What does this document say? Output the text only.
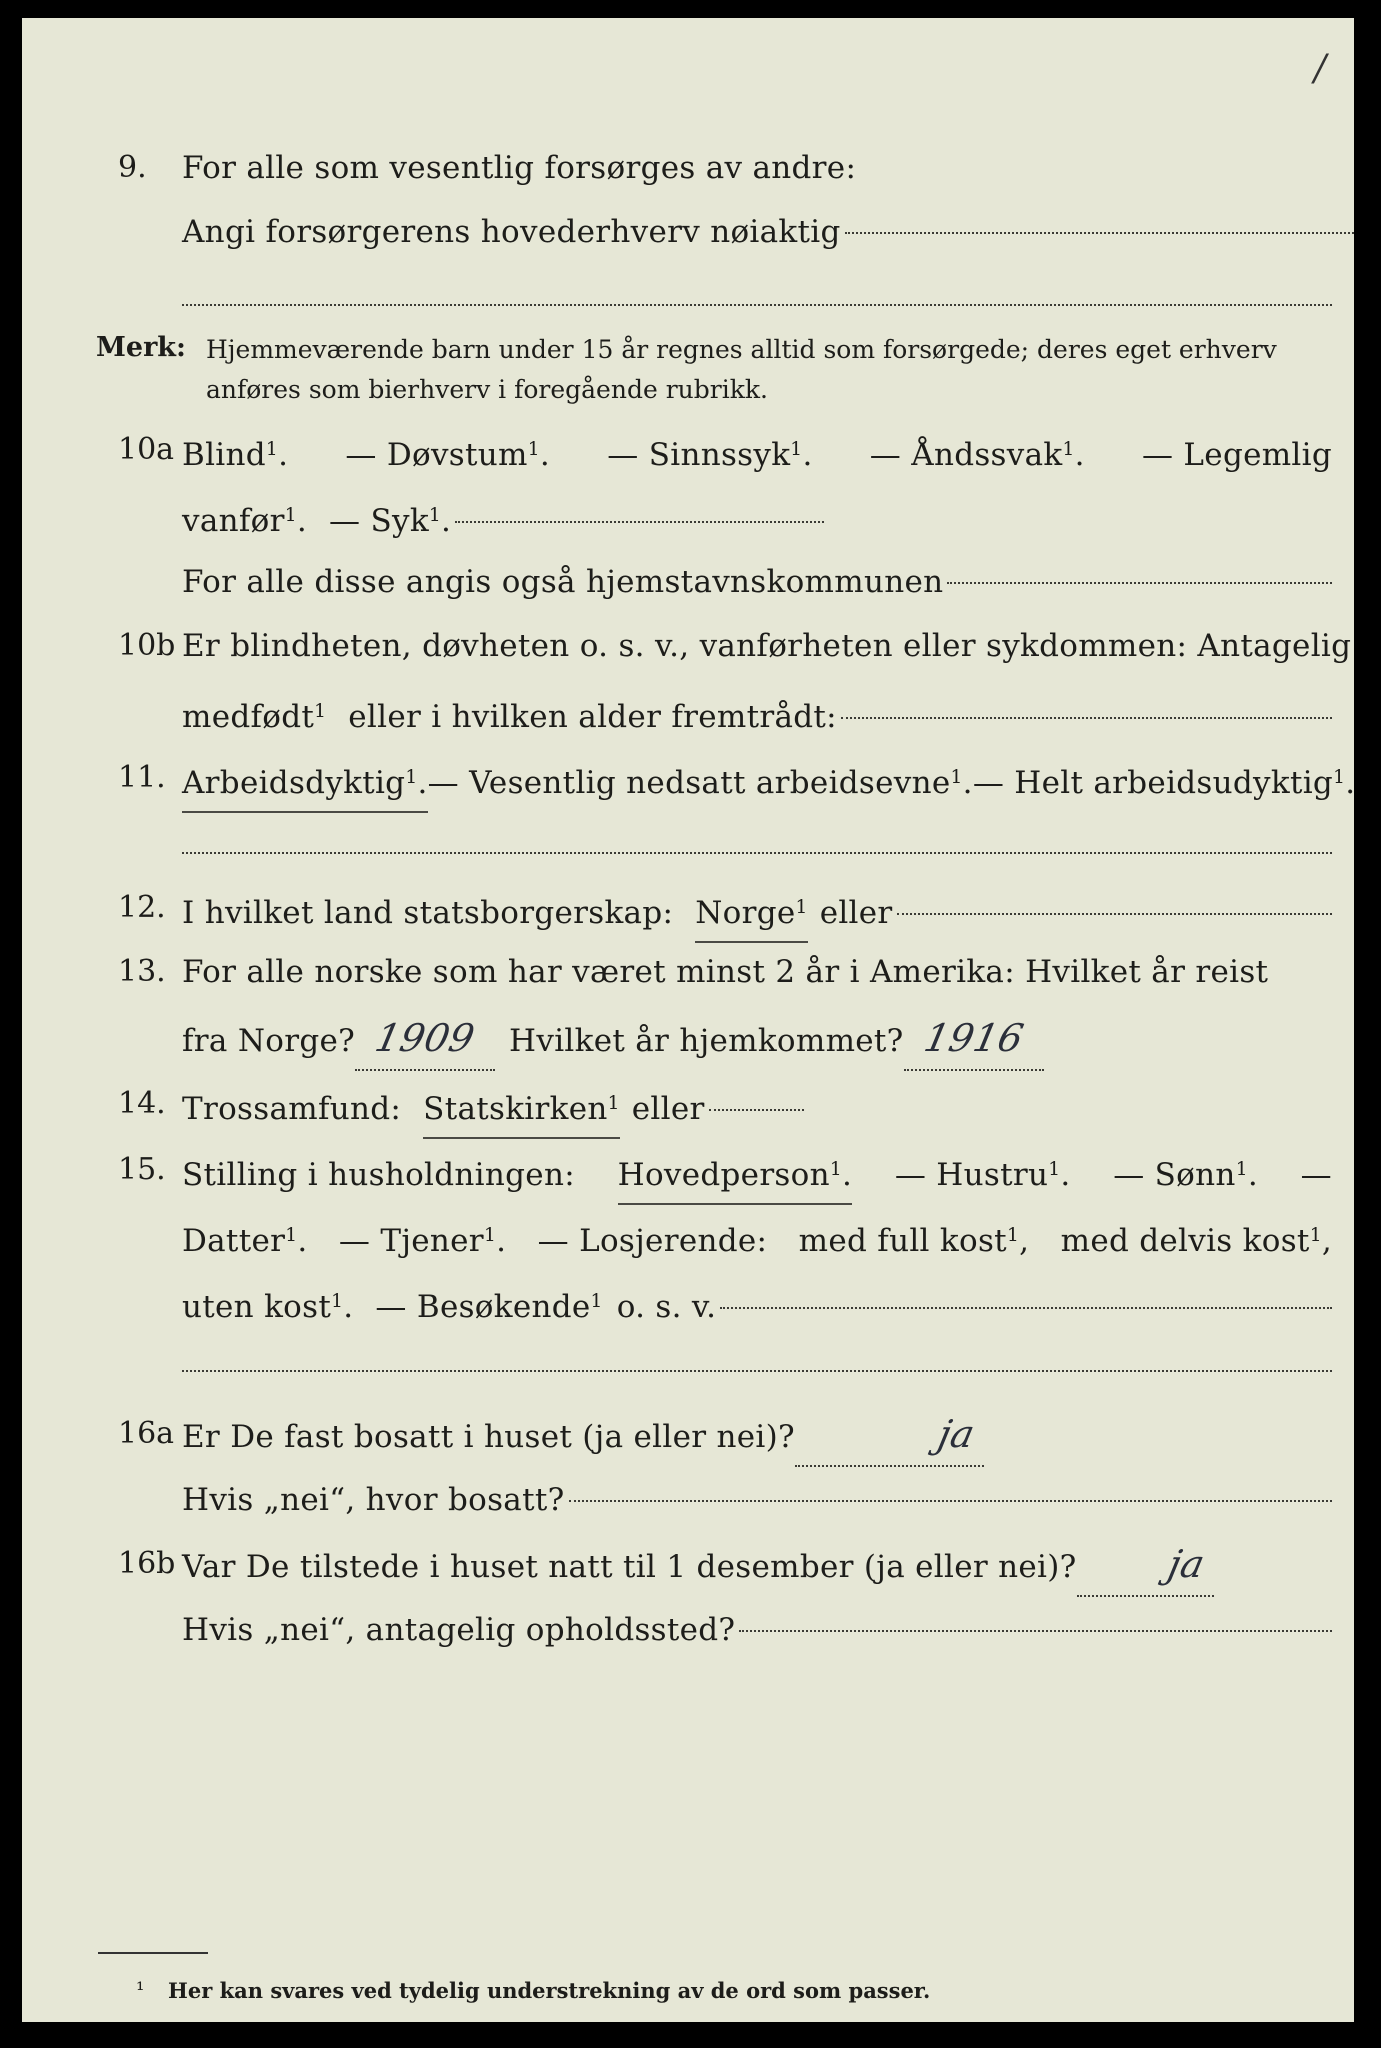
/
9. For alle som vesentlig forsørges av andre:
Angi forsørgerens hovederhverv nøiaktig
Merk: Hjemmeværende barn under 15 år regnes alltid som forsørgede; deres eget erhverv
anføres som bierhverv i foregående rubrikk.
10a Blind$^1$. — Døvstum$^1$. — Sinnssyk$^1$. — Åndssvak$^1$. — Legemlig
vanfør$^1$. — Syk$^1$.
For alle disse angis også hjemstavnskommunen
10b Er blindheten, døvheten o. s. v., vanførheten eller sykdommen: Antagelig
medfødt$^1$ eller i hvilken alder fremtrådt:
11. Arbeidsdyktig$^1$. — Vesentlig nedsatt arbeidsevne$^1$. — Helt arbeidsudyktig$^1$.
12. I hvilket land statsborgerskap: Norge$^1$ eller
13. For alle norske som har været minst 2 år i Amerika: Hvilket år reist
fra Norge? 1909 Hvilket år hjemkommet? 1916
14. Trossamfund: Statskirken$^1$ eller
15. Stilling i husholdningen: Hovedperson$^1$. — Hustru$^1$. — Sønn$^1$. —
Datter$^1$. — Tjener$^1$. — Losjerende: med full kost$^1$, med delvis kost$^1$,
uten kost$^1$. — Besøkende$^1$ o. s. v.
16a Er De fast bosatt i huset (ja eller nei)?	ja
Hvis „nei“, hvor bosatt?
16b Var De tilstede i huset natt til 1 desember (ja eller nei)?	ja
Hvis „nei“, antagelig opholdssted?
¹ Her kan svares ved tydelig understrekning av de ord som passer.
